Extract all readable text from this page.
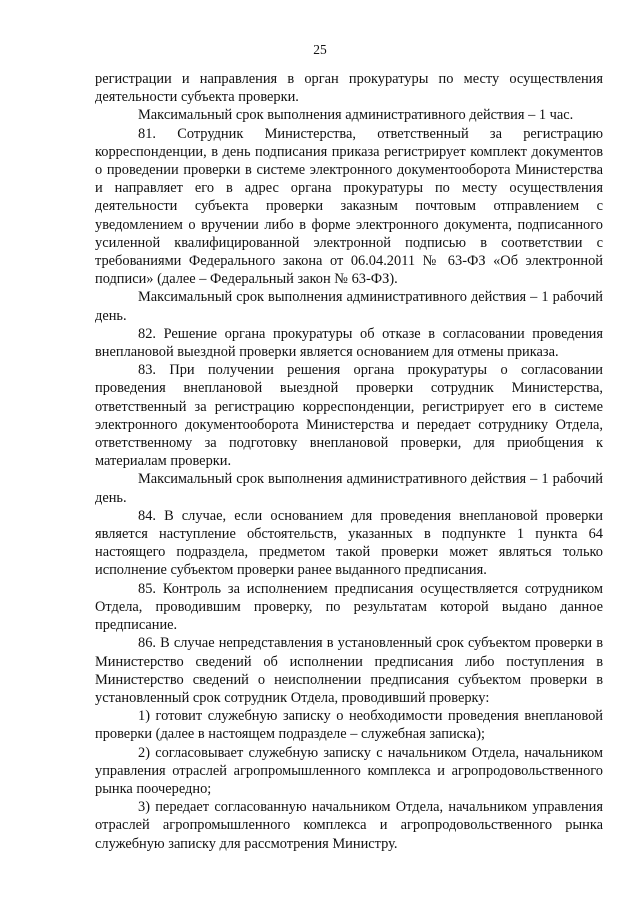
25

регистрации и направления в орган прокуратуры по месту осуществления деятельности субъекта проверки.

Максимальный срок выполнения административного действия – 1 час.

81. Сотрудник Министерства, ответственный за регистрацию корреспонденции, в день подписания приказа регистрирует комплект документов о проведении проверки в системе электронного документооборота Министерства и направляет его в адрес органа прокуратуры по месту осуществления деятельности субъекта проверки заказным почтовым отправлением с уведомлением о вручении либо в форме электронного документа, подписанного усиленной квалифицированной электронной подписью в соответствии с требованиями Федерального закона от 06.04.2011 № 63-ФЗ «Об электронной подписи» (далее – Федеральный закон № 63-ФЗ).

Максимальный срок выполнения административного действия – 1 рабочий день.

82. Решение органа прокуратуры об отказе в согласовании проведения внеплановой выездной проверки является основанием для отмены приказа.

83. При получении решения органа прокуратуры о согласовании проведения внеплановой выездной проверки сотрудник Министерства, ответственный за регистрацию корреспонденции, регистрирует его в системе электронного документооборота Министерства и передает сотруднику Отдела, ответственному за подготовку внеплановой проверки, для приобщения к материалам проверки.

Максимальный срок выполнения административного действия – 1 рабочий день.

84. В случае, если основанием для проведения внеплановой проверки является наступление обстоятельств, указанных в подпункте 1 пункта 64 настоящего подраздела, предметом такой проверки может являться только исполнение субъектом проверки ранее выданного предписания.

85. Контроль за исполнением предписания осуществляется сотрудником Отдела, проводившим проверку, по результатам которой выдано данное предписание.

86. В случае непредставления в установленный срок субъектом проверки в Министерство сведений об исполнении предписания либо поступления в Министерство сведений о неисполнении предписания субъектом проверки в установленный срок сотрудник Отдела, проводивший проверку:

1) готовит служебную записку о необходимости проведения внеплановой проверки (далее в настоящем подразделе – служебная записка);

2) согласовывает служебную записку с начальником Отдела, начальником управления отраслей агропромышленного комплекса и агропродовольственного рынка поочередно;

3) передает согласованную начальником Отдела, начальником управления отраслей агропромышленного комплекса и агропродовольственного рынка служебную записку для рассмотрения Министру.
